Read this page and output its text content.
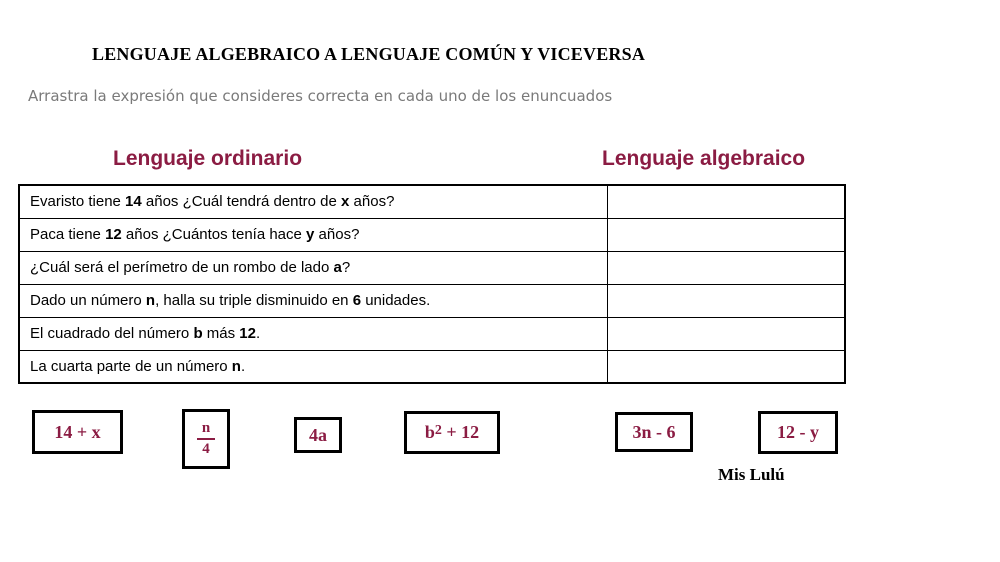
LENGUAJE ALGEBRAICO A LENGUAJE COMÚN Y VICEVERSA
Arrastra la expresión que consideres correcta en cada uno de los enuncuados
Lenguaje ordinario	Lenguaje algebraico
Evaristo tiene 14 años ¿Cuál tendrá dentro de x años?	
Paca tiene 12 años ¿Cuántos tenía hace y años?	
¿Cuál será el perímetro de un rombo de lado a?	
Dado un número n, halla su triple disminuido en 6 unidades.	
El cuadrado del número b más 12.	
La cuarta parte de un número n.	
14 + x	$\frac{n}{4}$	4a	$b^2 + 12$	3n - 6	12 - y
Mis Lulú
